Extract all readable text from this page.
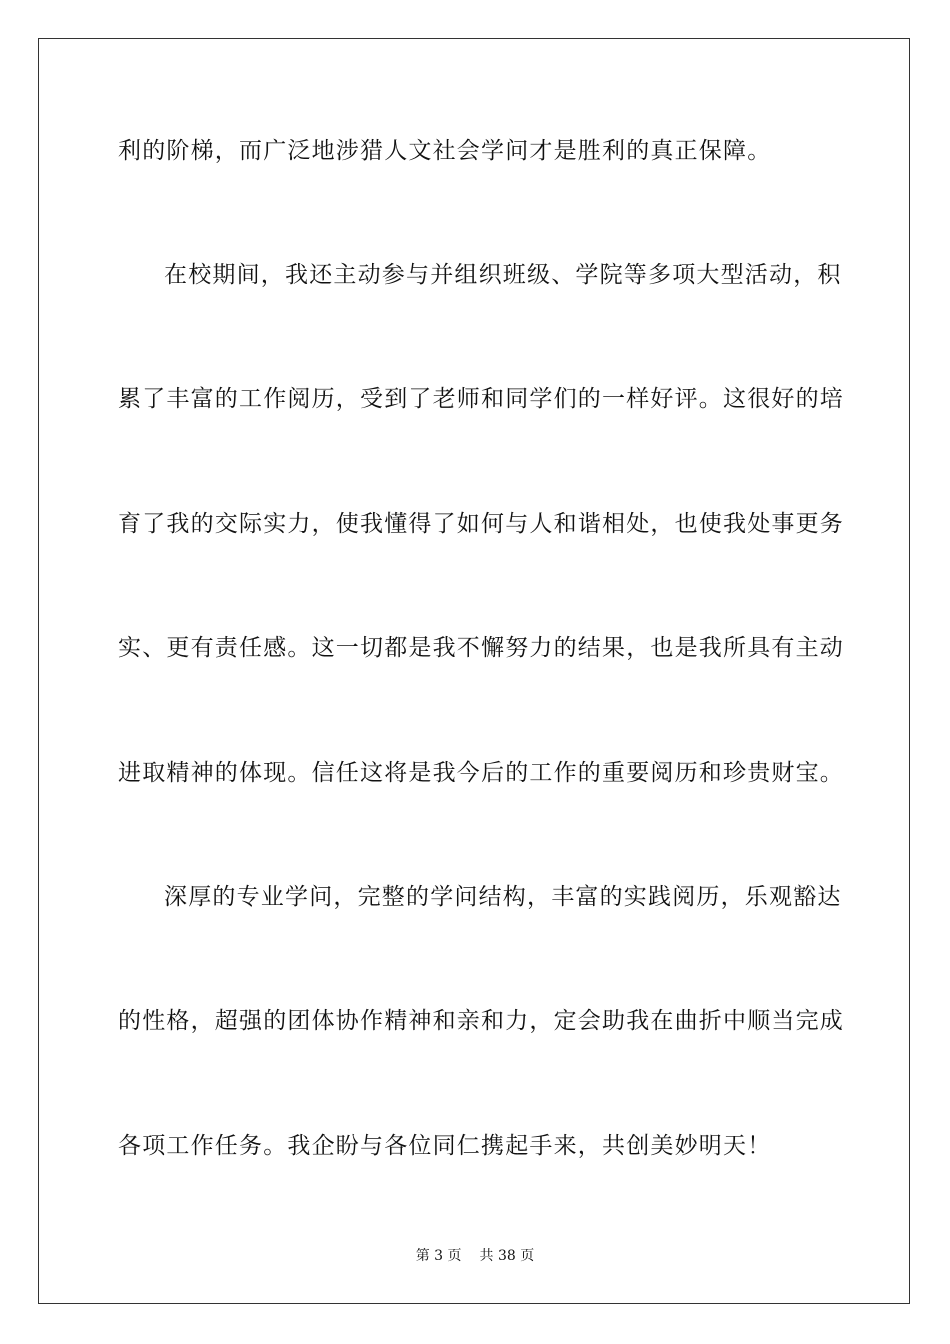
利的阶梯，而广泛地涉猎人文社会学问才是胜利的真正保障。
在校期间，我还主动参与并组织班级、学院等多项大型活动，积
累了丰富的工作阅历，受到了老师和同学们的一样好评。这很好的培
育了我的交际实力，使我懂得了如何与人和谐相处，也使我处事更务
实、更有责任感。这一切都是我不懈努力的结果，也是我所具有主动
进取精神的体现。信任这将是我今后的工作的重要阅历和珍贵财宝。
深厚的专业学问，完整的学问结构，丰富的实践阅历，乐观豁达
的性格，超强的团体协作精神和亲和力，定会助我在曲折中顺当完成
各项工作任务。我企盼与各位同仁携起手来，共创美妙明天！
第 3 页 共 38 页
